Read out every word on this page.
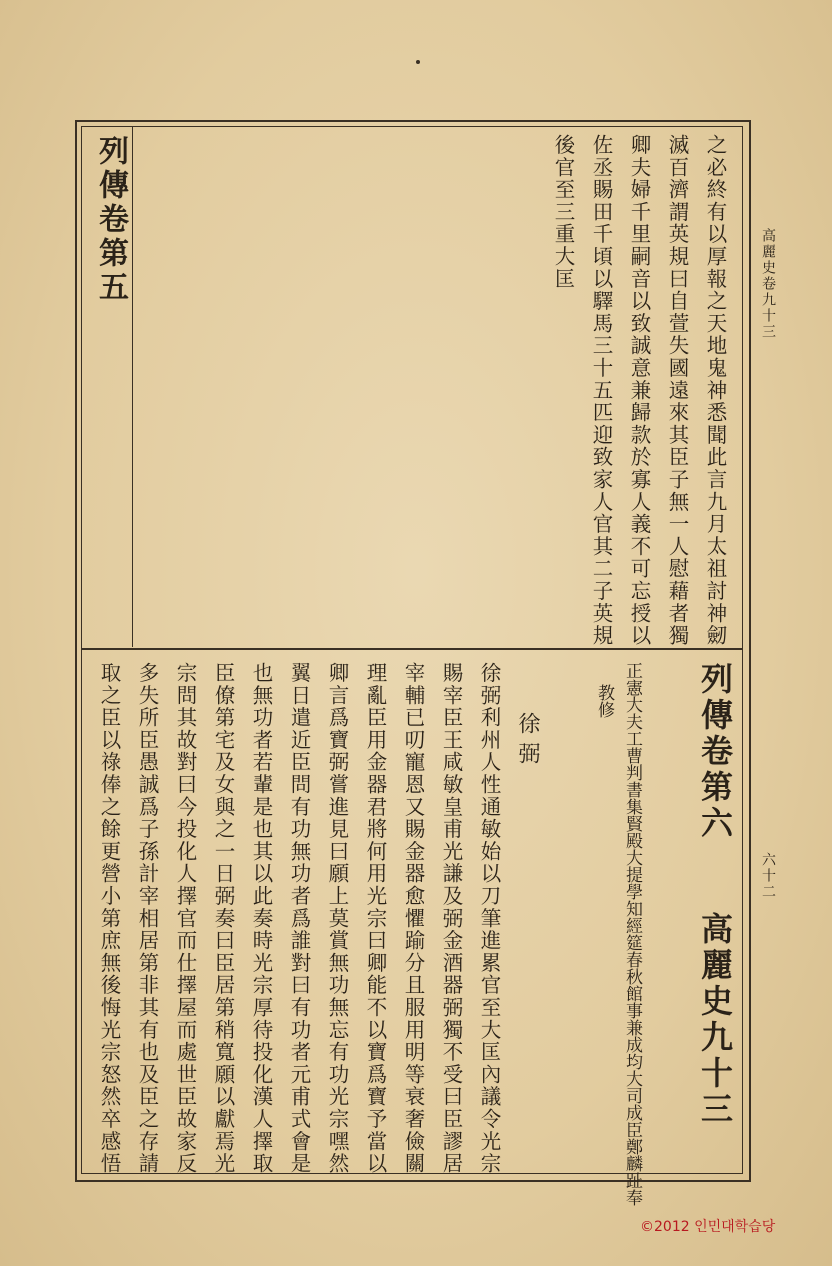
高麗史卷九十三
六十二
列傳卷第五	之必終有以厚報之天地鬼神悉聞此言九月太祖討神劒
滅百濟謂英規曰自萱失國遠來其臣子無一人慰藉者獨
卿夫婦千里嗣音以致誠意兼歸款於寡人義不可忘授以
佐丞賜田千頃以驛馬三十五匹迎致家人官其二子英規
後官至三重大匡
高麗史九十三
列傳卷第六
正憲大夫工曹判書集賢殿大提學知經筵春秋館事兼成均大司成臣鄭麟趾奉
教修
徐弼
徐弼利州人性通敏始以刀筆進累官至大匡內議令光宗
賜宰臣王咸敏皇甫光謙及弼金酒器弼獨不受曰臣謬居
宰輔已叨寵恩又賜金器愈懼踰分且服用明等衰奢儉關
理亂臣用金器君將何用光宗曰卿能不以寶爲寶予當以
卿言爲寶弼嘗進見曰願上莫賞無功無忘有功光宗嘿然
翼日遣近臣問有功無功者爲誰對曰有功者元甫式會是
也無功者若輩是也其以此奏時光宗厚待投化漢人擇取
臣僚第宅及女與之一日弼奏曰臣居第稍寬願以獻焉光
宗問其故對曰今投化人擇官而仕擇屋而處世臣故家反
多失所臣愚誠爲子孫計宰相居第非其有也及臣之存請
取之臣以祿俸之餘更營小第庶無後悔光宗怒然卒感悟
©2012 인민대학습당
